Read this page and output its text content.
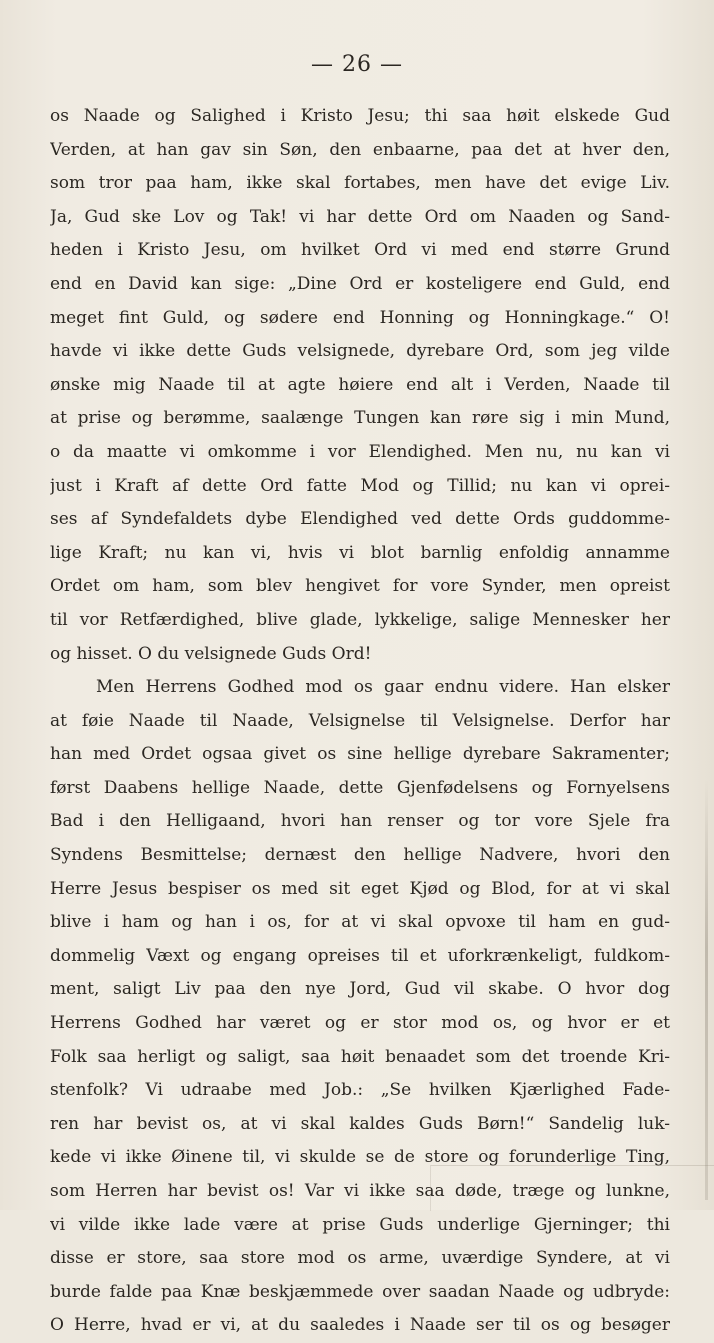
— 26 —
os Naade og Salighed i Kristo Jesu; thi saa høit elskede Gud
Verden, at han gav sin Søn, den enbaarne, paa det at hver den,
som tror paa ham, ikke skal fortabes, men have det evige Liv.
Ja, Gud ske Lov og Tak! vi har dette Ord om Naaden og Sand-
heden i Kristo Jesu, om hvilket Ord vi med end større Grund
end en David kan sige: „Dine Ord er kosteligere end Guld, end
meget fint Guld, og sødere end Honning og Honningkage.“ O!
havde vi ikke dette Guds velsignede, dyrebare Ord, som jeg vilde
ønske mig Naade til at agte høiere end alt i Verden, Naade til
at prise og berømme, saalænge Tungen kan røre sig i min Mund,
o da maatte vi omkomme i vor Elendighed. Men nu, nu kan vi
just i Kraft af dette Ord fatte Mod og Tillid; nu kan vi oprei-
ses af Syndefaldets dybe Elendighed ved dette Ords guddomme-
lige Kraft; nu kan vi, hvis vi blot barnlig enfoldig annamme
Ordet om ham, som blev hengivet for vore Synder, men opreist
til vor Retfærdighed, blive glade, lykkelige, salige Mennesker her
og hisset. O du velsignede Guds Ord!
Men Herrens Godhed mod os gaar endnu videre. Han elsker
at føie Naade til Naade, Velsignelse til Velsignelse. Derfor har
han med Ordet ogsaa givet os sine hellige dyrebare Sakramenter;
først Daabens hellige Naade, dette Gjenfødelsens og Fornyelsens
Bad i den Helligaand, hvori han renser og tor vore Sjele fra
Syndens Besmittelse; dernæst den hellige Nadvere, hvori den
Herre Jesus bespiser os med sit eget Kjød og Blod, for at vi skal
blive i ham og han i os, for at vi skal opvoxe til ham en gud-
dommelig Væxt og engang opreises til et uforkrænkeligt, fuldkom-
ment, saligt Liv paa den nye Jord, Gud vil skabe. O hvor dog
Herrens Godhed har været og er stor mod os, og hvor er et
Folk saa herligt og saligt, saa høit benaadet som det troende Kri-
stenfolk? Vi udraabe med Job.: „Se hvilken Kjærlighed Fade-
ren har bevist os, at vi skal kaldes Guds Børn!“ Sandelig luk-
kede vi ikke Øinene til, vi skulde se de store og forunderlige Ting,
som Herren har bevist os! Var vi ikke saa døde, træge og lunkne,
vi vilde ikke lade være at prise Guds underlige Gjerninger; thi
disse er store, saa store mod os arme, uværdige Syndere, at vi
burde falde paa Knæ beskjæmmede over saadan Naade og udbryde:
O Herre, hvad er vi, at du saaledes i Naade ser til os og besøger
